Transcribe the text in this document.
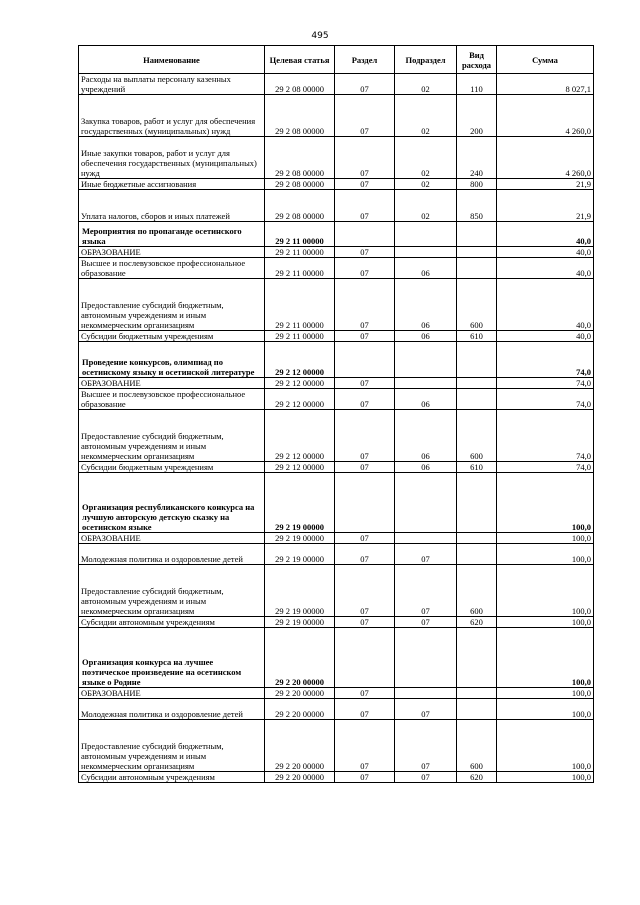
495
Наименование	Целевая статья	Раздел	Подраздел	Вид расхода	Сумма
Расходы на выплаты персоналу казенных учреждений	29 2 08 00000	07	02	110	8 027,1
Закупка товаров, работ и услуг для обеспечения государственных (муниципальных) нужд	29 2 08 00000	07	02	200	4 260,0
Иные закупки товаров, работ и услуг для обеспечения государственных (муниципальных) нужд	29 2 08 00000	07	02	240	4 260,0
Иные бюджетные ассигнования	29 2 08 00000	07	02	800	21,9
Уплата налогов, сборов и иных платежей	29 2 08 00000	07	02	850	21,9
Мероприятия по пропаганде осетинского языка	29 2 11 00000				40,0
ОБРАЗОВАНИЕ	29 2 11 00000	07			40,0
Высшее и послевузовское профессиональное образование	29 2 11 00000	07	06		40,0
Предоставление субсидий бюджетным, автономным учреждениям и иным некоммерческим организациям	29 2 11 00000	07	06	600	40,0
Субсидии бюджетным учреждениям	29 2 11 00000	07	06	610	40,0
Проведение конкурсов, олимпиад по осетинскому языку и осетинской литературе	29 2 12 00000				74,0
ОБРАЗОВАНИЕ	29 2 12 00000	07			74,0
Высшее и послевузовское профессиональное образование	29 2 12 00000	07	06		74,0
Предоставление субсидий бюджетным, автономным учреждениям и иным некоммерческим организациям	29 2 12 00000	07	06	600	74,0
Субсидии бюджетным учреждениям	29 2 12 00000	07	06	610	74,0
Организация республиканского конкурса на лучшую авторскую детскую сказку на осетинском языке	29 2 19 00000				100,0
ОБРАЗОВАНИЕ	29 2 19 00000	07			100,0
Молодежная политика и оздоровление детей	29 2 19 00000	07	07		100,0
Предоставление субсидий бюджетным, автономным учреждениям и иным некоммерческим организациям	29 2 19 00000	07	07	600	100,0
Субсидии автономным учреждениям	29 2 19 00000	07	07	620	100,0
Организация конкурса на лучшее поэтическое произведение на осетинском языке о Родине	29 2 20 00000				100,0
ОБРАЗОВАНИЕ	29 2 20 00000	07			100,0
Молодежная политика и оздоровление детей	29 2 20 00000	07	07		100,0
Предоставление субсидий бюджетным, автономным учреждениям и иным некоммерческим организациям	29 2 20 00000	07	07	600	100,0
Субсидии автономным учреждениям	29 2 20 00000	07	07	620	100,0
